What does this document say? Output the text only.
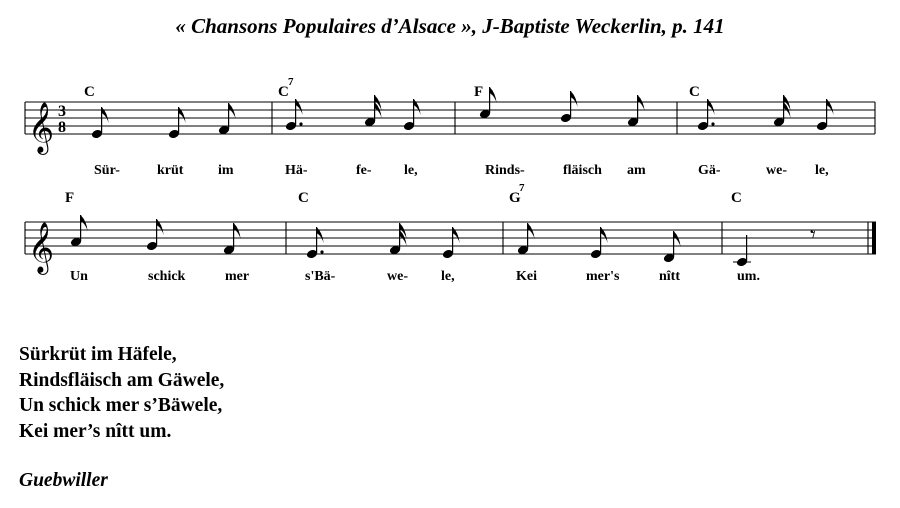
« Chansons Populaires d’Alsace », J-Baptiste Weckerlin, p. 141
𝄞 3
8
C	C
7
F	C
Sür-	krüt im	Hä-	fe- le,	Rinds-	fläisch am	Gä-	we- le,
𝄞
F	C	G
7
C
𝄾
Un	schick	mer	s'Bä-	we- le,	Kei	mer's	nîtt	um.
Sürkrüt im Häfele,
Rindsfläisch am Gäwele,
Un schick mer s’Bäwele,
Kei mer’s nîtt um.
Guebwiller
